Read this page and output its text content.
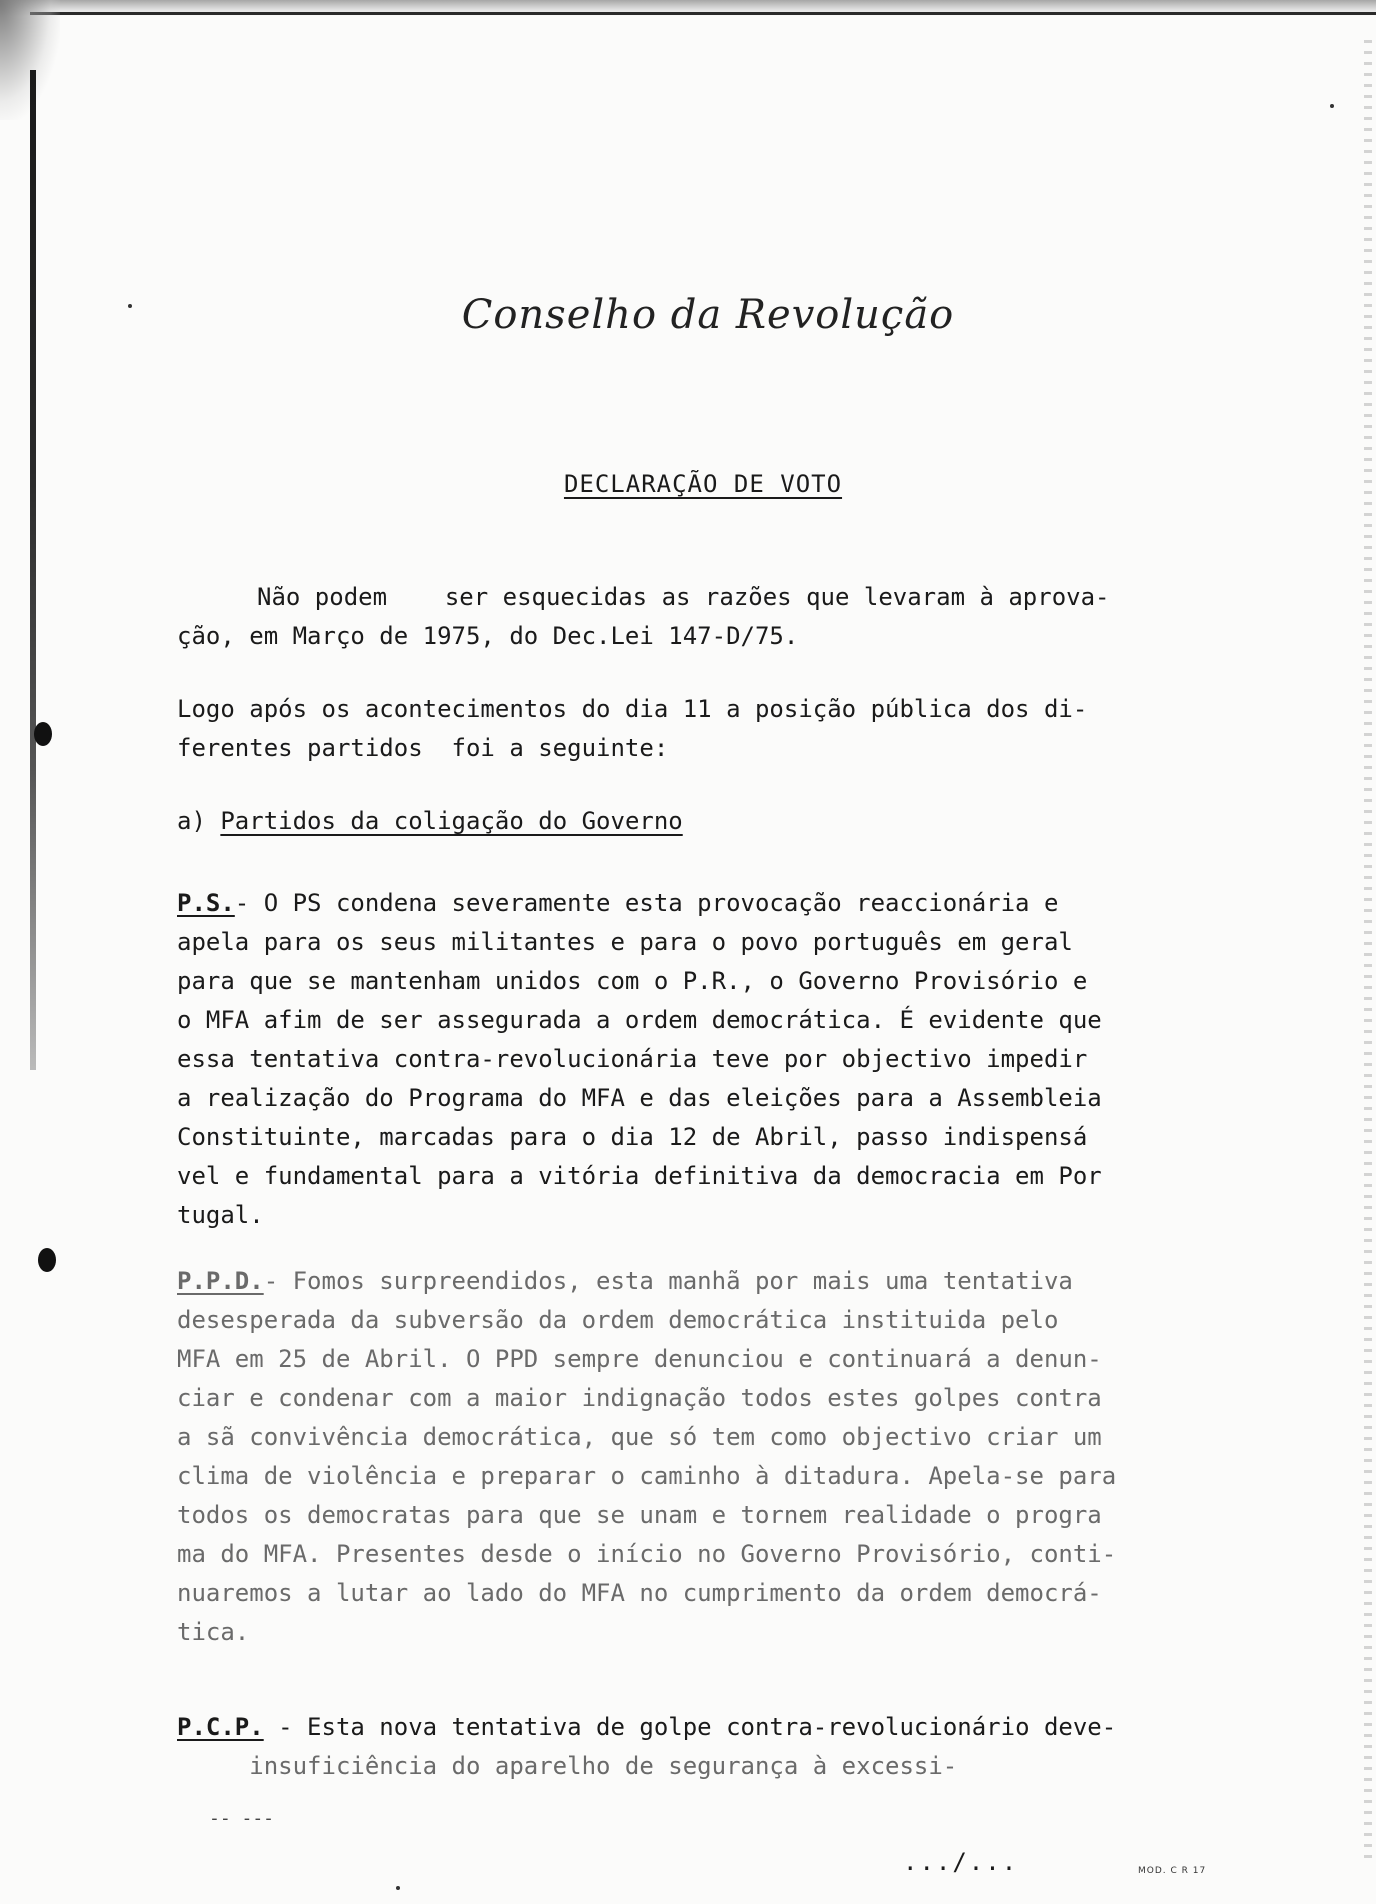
Conselho da Revolução
DECLARAÇÃO DE VOTO
Não podem    ser esquecidas as razões que levaram à aprova-
ção, em Março de 1975, do Dec.Lei 147-D/75.
Logo após os acontecimentos do dia 11 a posição pública dos di-
ferentes partidos  foi a seguinte:
a) Partidos da coligação do Governo
P.S.- O PS condena severamente esta provocação reaccionária e
apela para os seus militantes e para o povo português em geral
para que se mantenham unidos com o P.R., o Governo Provisório e
o MFA afim de ser assegurada a ordem democrática. É evidente que
essa tentativa contra-revolucionária teve por objectivo impedir
a realização do Programa do MFA e das eleições para a Assembleia
Constituinte, marcadas para o dia 12 de Abril, passo indispensá
vel e fundamental para a vitória definitiva da democracia em Por
tugal.
P.P.D.- Fomos surpreendidos, esta manhã por mais uma tentativa
desesperada da subversão da ordem democrática instituida pelo
MFA em 25 de Abril. O PPD sempre denunciou e continuará a denun-
ciar e condenar com a maior indignação todos estes golpes contra
a sã convivência democrática, que só tem como objectivo criar um
clima de violência e preparar o caminho à ditadura. Apela-se para
todos os democratas para que se unam e tornem realidade o progra
ma do MFA. Presentes desde o início no Governo Provisório, conti-
nuaremos a lutar ao lado do MFA no cumprimento da ordem democrá-
tica.
P.C.P. - Esta nova tentativa de golpe contra-revolucionário deve-
insuficiência do aparelho de segurança à excessi-
-- ---
.../...	MOD. C R 17
